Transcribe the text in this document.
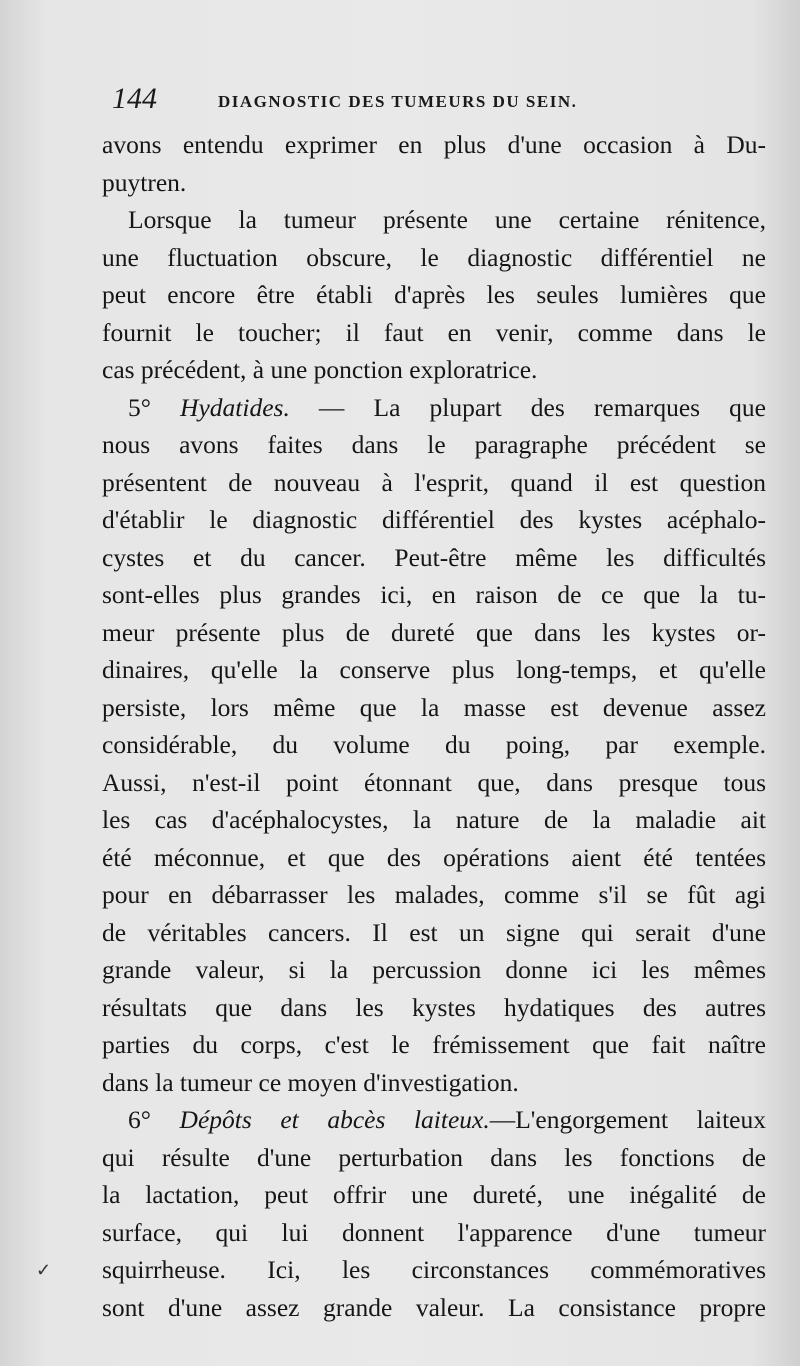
144	DIAGNOSTIC DES TUMEURS DU SEIN.
avons entendu exprimer en plus d'une occasion à Du-
puytren.
Lorsque la tumeur présente une certaine rénitence,
une fluctuation obscure, le diagnostic différentiel ne
peut encore être établi d'après les seules lumières que
fournit le toucher; il faut en venir, comme dans le
cas précédent, à une ponction exploratrice.
5° Hydatides. — La plupart des remarques que
nous avons faites dans le paragraphe précédent se
présentent de nouveau à l'esprit, quand il est question
d'établir le diagnostic différentiel des kystes acéphalo-
cystes et du cancer. Peut-être même les difficultés
sont-elles plus grandes ici, en raison de ce que la tu-
meur présente plus de dureté que dans les kystes or-
dinaires, qu'elle la conserve plus long-temps, et qu'elle
persiste, lors même que la masse est devenue assez
considérable, du volume du poing, par exemple.
Aussi, n'est-il point étonnant que, dans presque tous
les cas d'acéphalocystes, la nature de la maladie ait
été méconnue, et que des opérations aient été tentées
pour en débarrasser les malades, comme s'il se fût agi
de véritables cancers. Il est un signe qui serait d'une
grande valeur, si la percussion donne ici les mêmes
résultats que dans les kystes hydatiques des autres
parties du corps, c'est le frémissement que fait naître
dans la tumeur ce moyen d'investigation.
6° Dépôts et abcès laiteux.—L'engorgement laiteux
qui résulte d'une perturbation dans les fonctions de
la lactation, peut offrir une dureté, une inégalité de
surface, qui lui donnent l'apparence d'une tumeur
squirrheuse. Ici, les circonstances commémoratives
sont d'une assez grande valeur. La consistance propre
✓
